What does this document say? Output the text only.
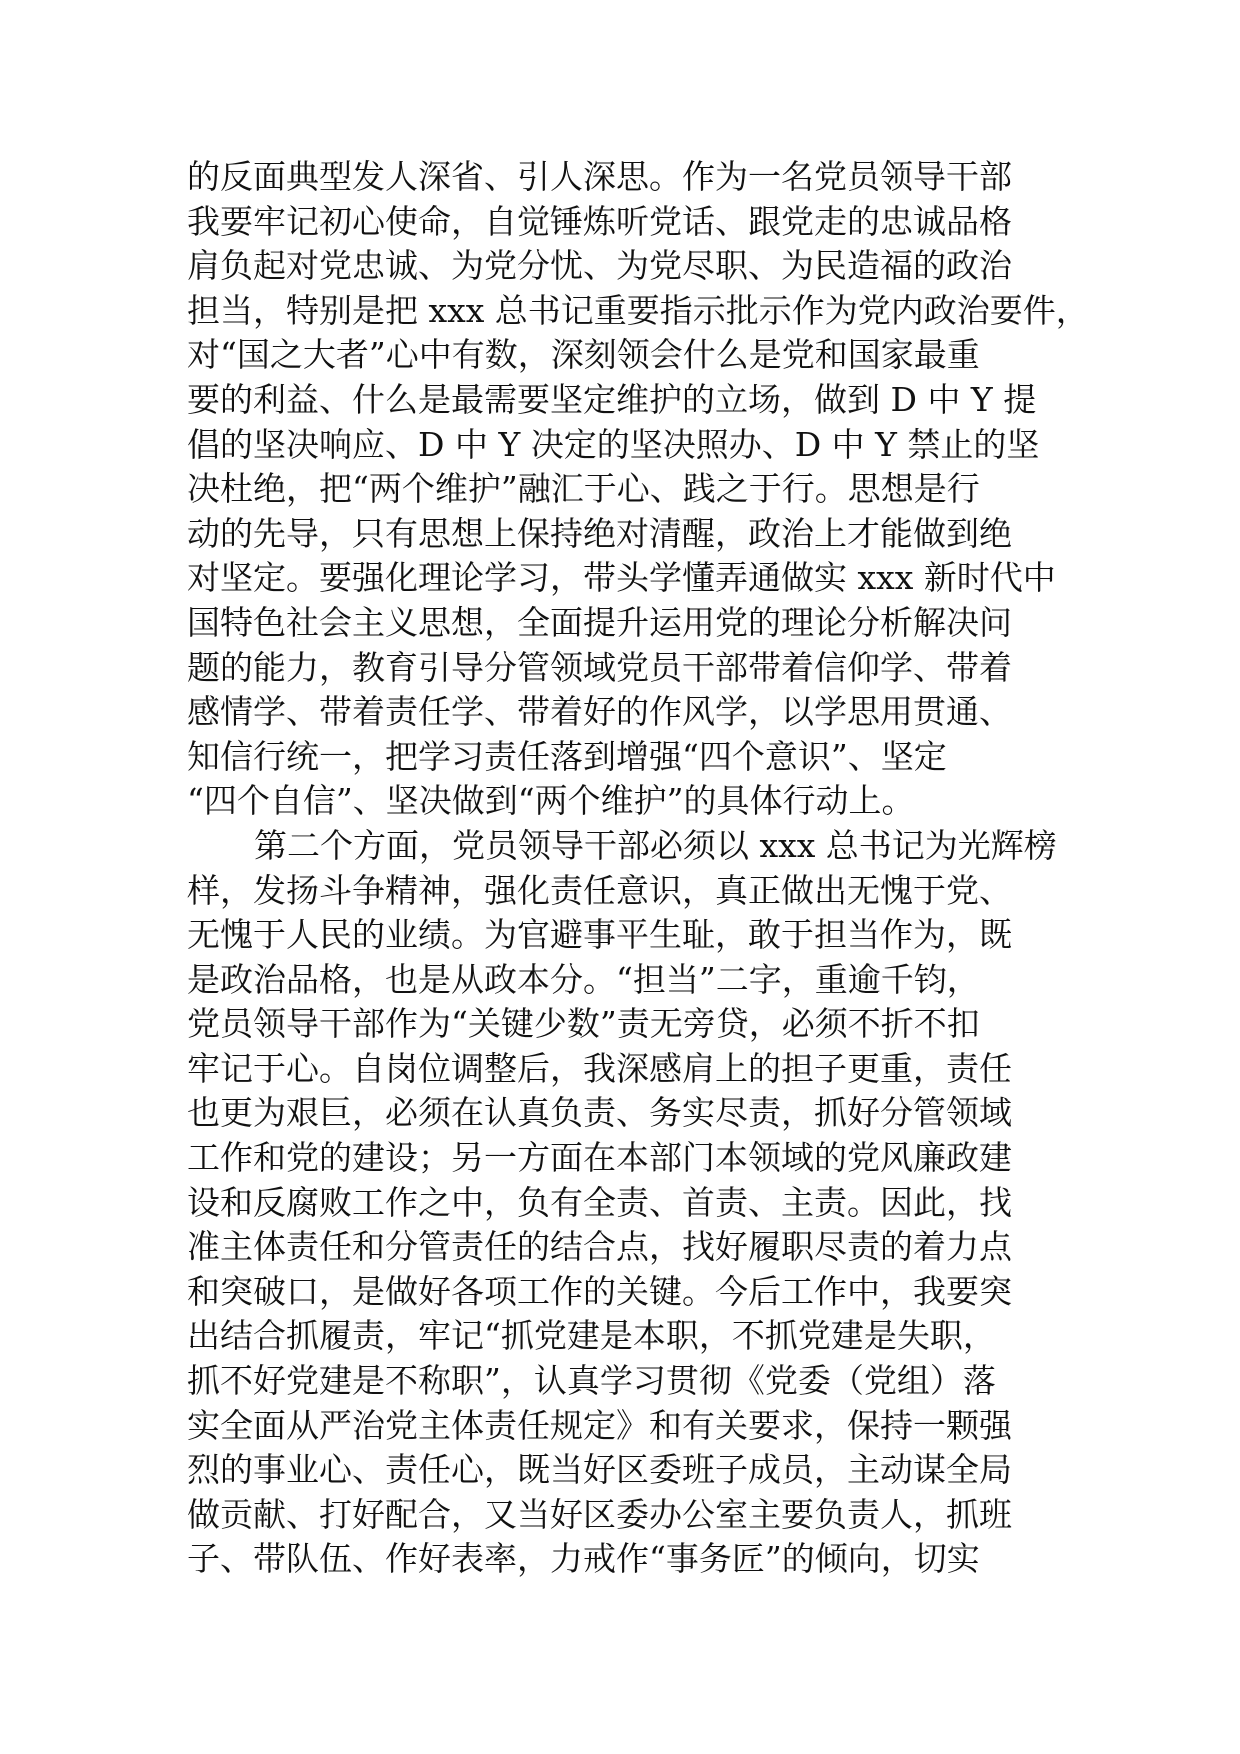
的反面典型发人深省、引人深思。作为一名党员领导干部
我要牢记初心使命，自觉锤炼听党话、跟党走的忠诚品格
肩负起对党忠诚、为党分忧、为党尽职、为民造福的政治
担当，特别是把 xxx 总书记重要指示批示作为党内政治要件，
对“国之大者”心中有数，深刻领会什么是党和国家最重
要的利益、什么是最需要坚定维护的立场，做到 D 中 Y 提
倡的坚决响应、D 中 Y 决定的坚决照办、D 中 Y 禁止的坚
决杜绝，把“两个维护”融汇于心、践之于行。思想是行
动的先导，只有思想上保持绝对清醒，政治上才能做到绝
对坚定。要强化理论学习，带头学懂弄通做实 xxx 新时代中
国特色社会主义思想，全面提升运用党的理论分析解决问
题的能力，教育引导分管领域党员干部带着信仰学、带着
感情学、带着责任学、带着好的作风学，以学思用贯通、
知信行统一，把学习责任落到增强“四个意识”、坚定
“四个自信”、坚决做到“两个维护”的具体行动上。
第二个方面，党员领导干部必须以 xxx 总书记为光辉榜
样，发扬斗争精神，强化责任意识，真正做出无愧于党、
无愧于人民的业绩。为官避事平生耻，敢于担当作为，既
是政治品格，也是从政本分。“担当”二字，重逾千钧，
党员领导干部作为“关键少数”责无旁贷，必须不折不扣
牢记于心。自岗位调整后，我深感肩上的担子更重，责任
也更为艰巨，必须在认真负责、务实尽责，抓好分管领域
工作和党的建设；另一方面在本部门本领域的党风廉政建
设和反腐败工作之中，负有全责、首责、主责。因此，找
准主体责任和分管责任的结合点，找好履职尽责的着力点
和突破口，是做好各项工作的关键。今后工作中，我要突
出结合抓履责，牢记“抓党建是本职，不抓党建是失职，
抓不好党建是不称职”，认真学习贯彻《党委（党组）落
实全面从严治党主体责任规定》和有关要求，保持一颗强
烈的事业心、责任心，既当好区委班子成员，主动谋全局
做贡献、打好配合，又当好区委办公室主要负责人，抓班
子、带队伍、作好表率，力戒作“事务匠”的倾向，切实
